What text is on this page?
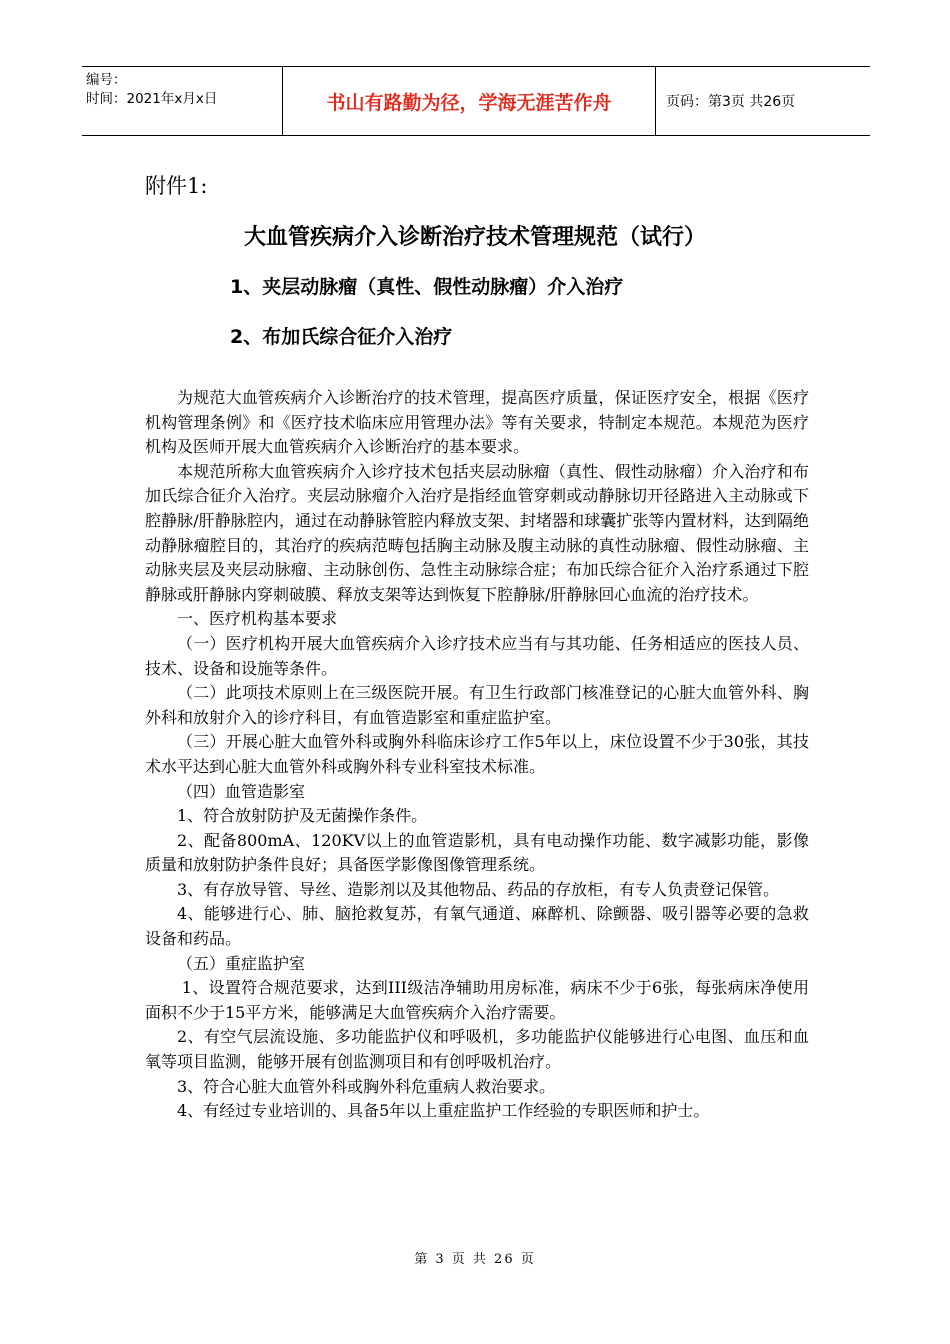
编号：
时间：2021年x月x日	书山有路勤为径，学海无涯苦作舟	页码：第3页 共26页
附件1:
大血管疾病介入诊断治疗技术管理规范（试行）
1、夹层动脉瘤（真性、假性动脉瘤）介入治疗
2、布加氏综合征介入治疗

为规范大血管疾病介入诊断治疗的技术管理，提高医疗质量，保证医疗安全，根据《医疗机构管理条例》和《医疗技术临床应用管理办法》等有关要求，特制定本规范。本规范为医疗机构及医师开展大血管疾病介入诊断治疗的基本要求。

本规范所称大血管疾病介入诊疗技术包括夹层动脉瘤（真性、假性动脉瘤）介入治疗和布加氏综合征介入治疗。夹层动脉瘤介入治疗是指经血管穿刺或动静脉切开径路进入主动脉或下腔静脉/肝静脉腔内，通过在动静脉管腔内释放支架、封堵器和球囊扩张等内置材料，达到隔绝动静脉瘤腔目的，其治疗的疾病范畴包括胸主动脉及腹主动脉的真性动脉瘤、假性动脉瘤、主动脉夹层及夹层动脉瘤、主动脉创伤、急性主动脉综合症；布加氏综合征介入治疗系通过下腔静脉或肝静脉内穿刺破膜、释放支架等达到恢复下腔静脉/肝静脉回心血流的治疗技术。

一、医疗机构基本要求

（一）医疗机构开展大血管疾病介入诊疗技术应当有与其功能、任务相适应的医技人员、技术、设备和设施等条件。

（二）此项技术原则上在三级医院开展。有卫生行政部门核准登记的心脏大血管外科、胸外科和放射介入的诊疗科目，有血管造影室和重症监护室。

（三）开展心脏大血管外科或胸外科临床诊疗工作5年以上，床位设置不少于30张，其技术水平达到心脏大血管外科或胸外科专业科室技术标准。

（四）血管造影室

1、符合放射防护及无菌操作条件。

2、配备800mA、120KV以上的血管造影机，具有电动操作功能、数字减影功能，影像质量和放射防护条件良好；具备医学影像图像管理系统。

3、有存放导管、导丝、造影剂以及其他物品、药品的存放柜，有专人负责登记保管。

4、能够进行心、肺、脑抢救复苏，有氧气通道、麻醉机、除颤器、吸引器等必要的急救设备和药品。

（五）重症监护室

1、设置符合规范要求，达到III级洁净辅助用房标准，病床不少于6张，每张病床净使用面积不少于15平方米，能够满足大血管疾病介入治疗需要。

2、有空气层流设施、多功能监护仪和呼吸机，多功能监护仪能够进行心电图、血压和血氧等项目监测，能够开展有创监测项目和有创呼吸机治疗。

3、符合心脏大血管外科或胸外科危重病人救治要求。

4、有经过专业培训的、具备5年以上重症监护工作经验的专职医师和护士。

第 3 页 共 26 页
